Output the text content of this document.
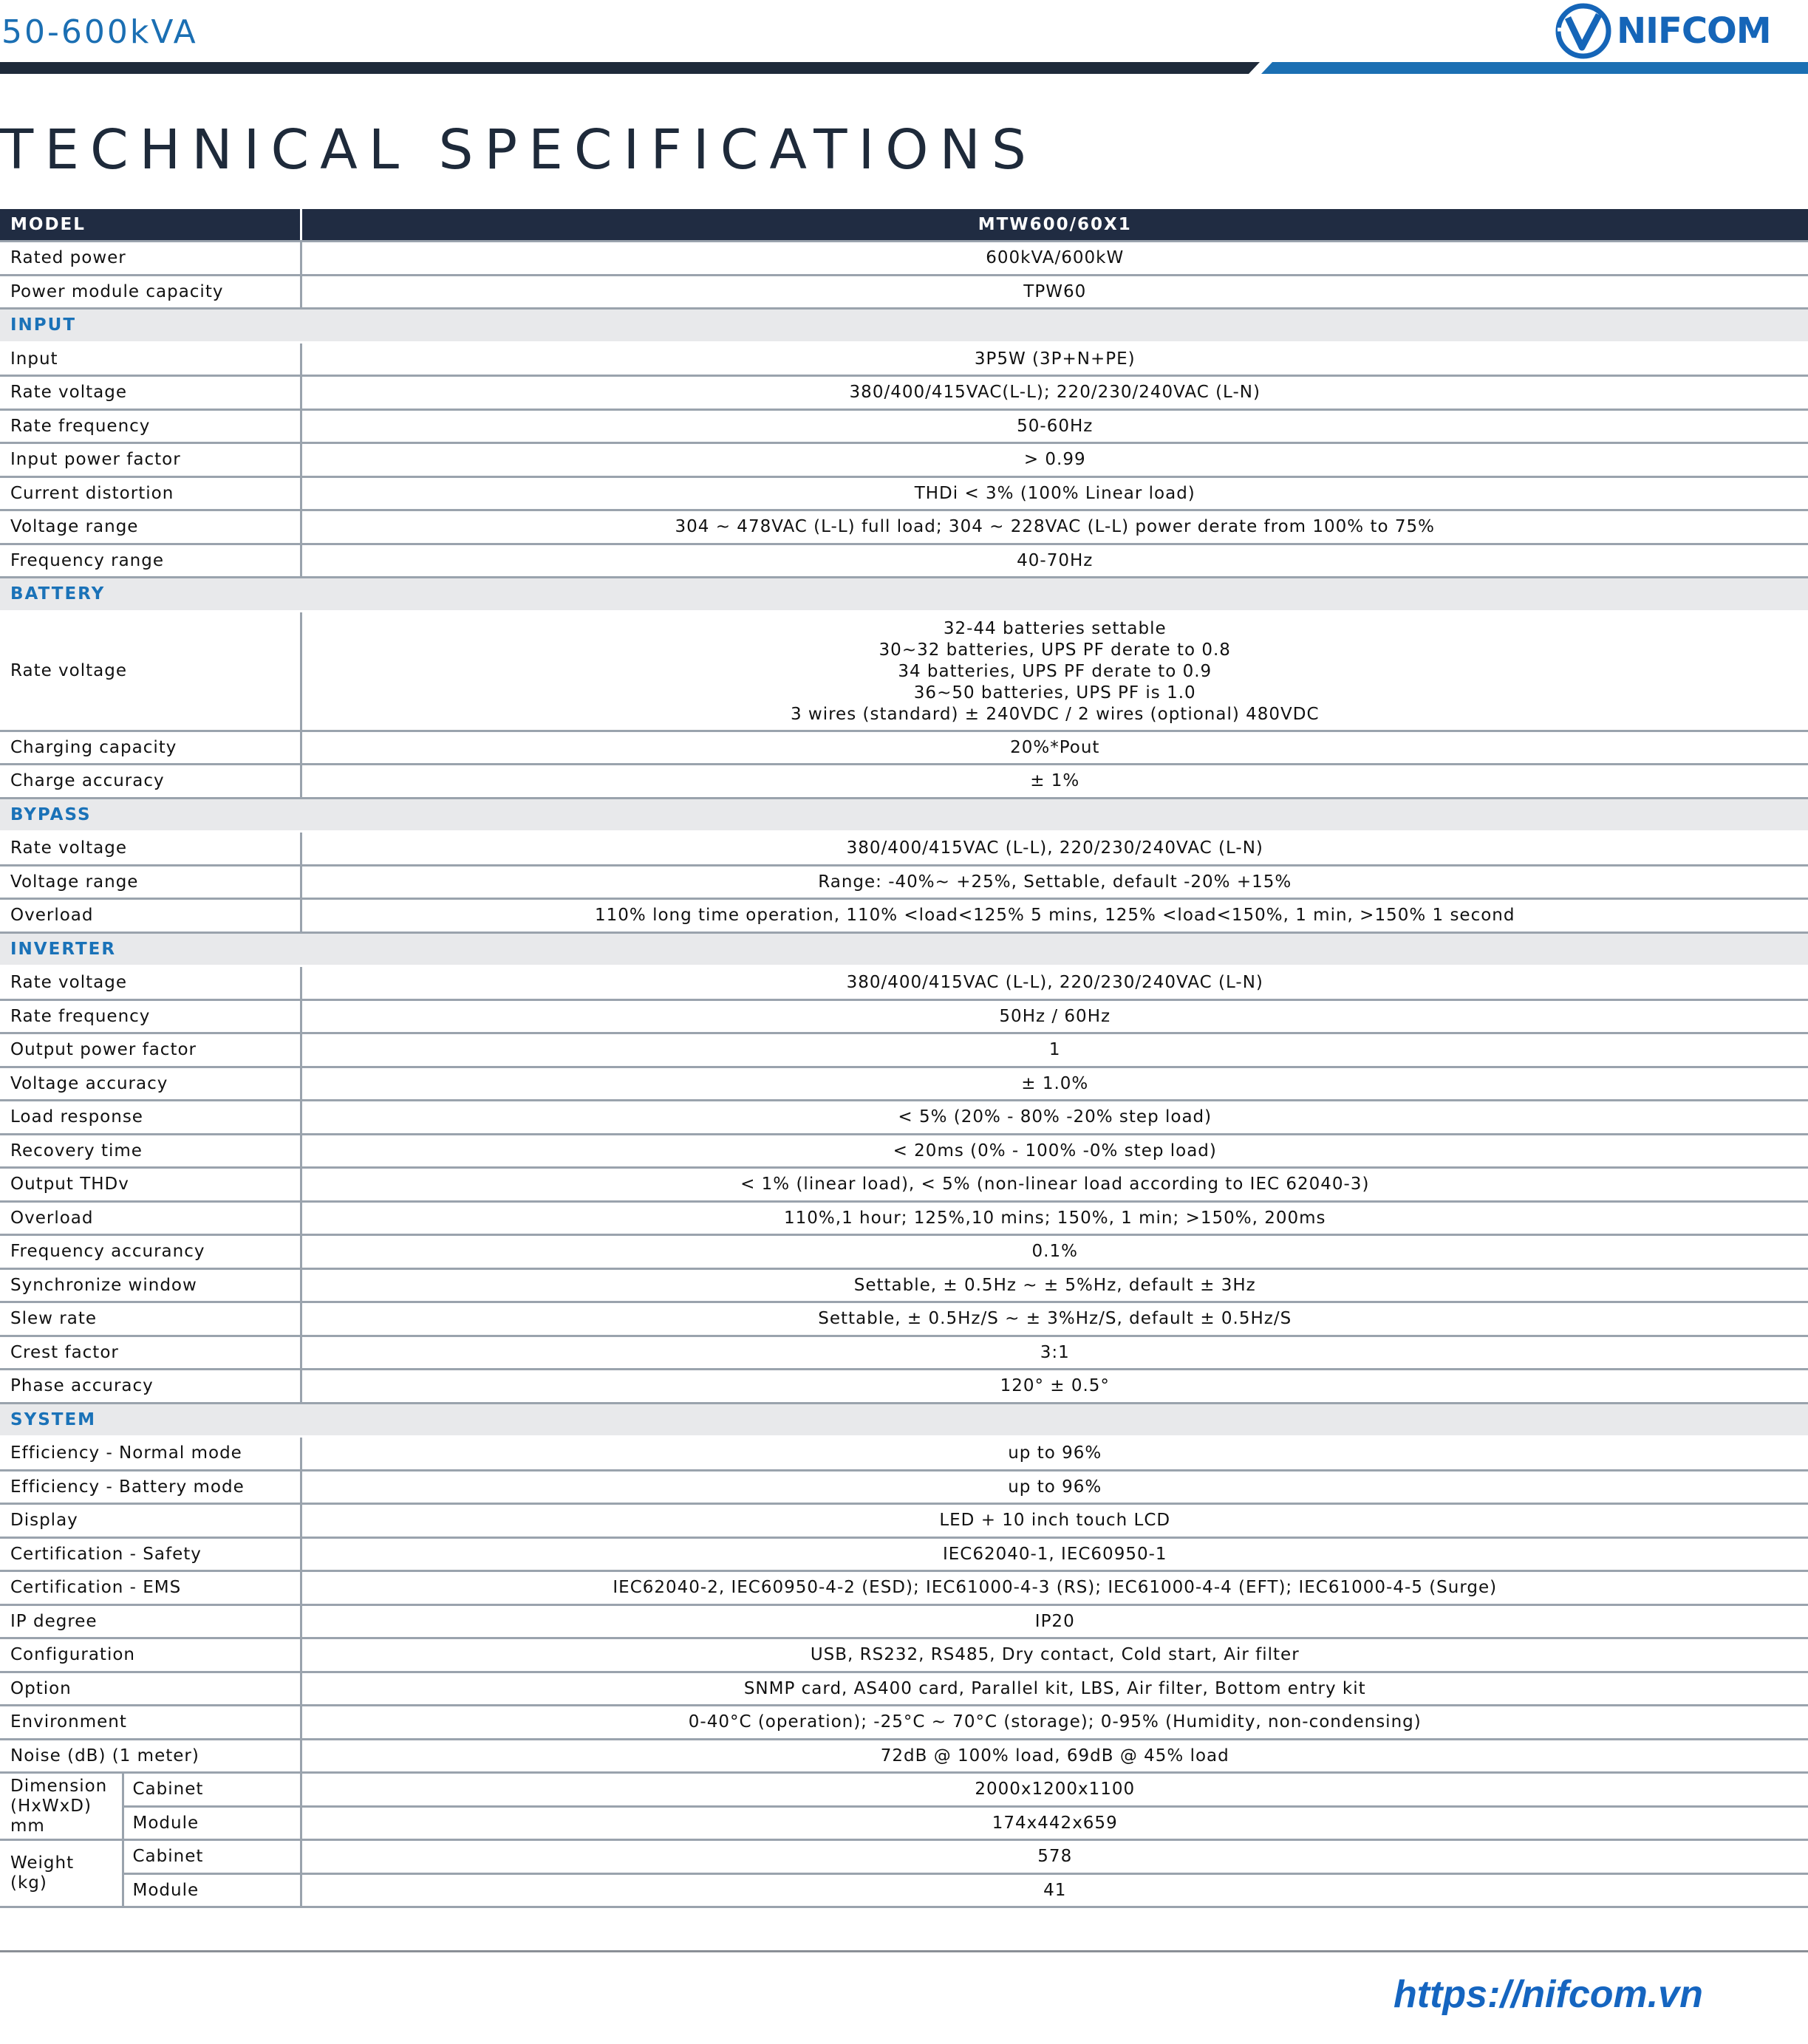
50-600kVA	NIFCOM
TECHNICAL SPECIFICATIONS
MODEL		MTW600/60X1
Rated power		600kVA/600kW
Power module capacity		TPW60
INPUT		
Input		3P5W (3P+N+PE)
Rate voltage		380/400/415VAC(L-L); 220/230/240VAC (L-N)
Rate frequency		50-60Hz
Input power factor		> 0.99
Current distortion		THDi < 3% (100% Linear load)
Voltage range		304 ~ 478VAC (L-L) full load; 304 ~ 228VAC (L-L) power derate from 100% to 75%
Frequency range		40-70Hz
BATTERY		
Rate voltage		32-44 batteries settable
30~32 batteries, UPS PF derate to 0.8
34 batteries, UPS PF derate to 0.9
36~50 batteries, UPS PF is 1.0
3 wires (standard) ± 240VDC / 2 wires (optional) 480VDC

Charging capacity		20%*Pout
Charge accuracy		± 1%
BYPASS		
Rate voltage		380/400/415VAC (L-L), 220/230/240VAC (L-N)
Voltage range		Range: -40%~ +25%, Settable, default -20% +15%
Overload		110% long time operation, 110% <load<125% 5 mins, 125% <load<150%, 1 min, >150% 1 second
INVERTER		
Rate voltage		380/400/415VAC (L-L), 220/230/240VAC (L-N)
Rate frequency		50Hz / 60Hz
Output power factor		1
Voltage accuracy		± 1.0%
Load response		< 5% (20% - 80% -20% step load)
Recovery time		< 20ms (0% - 100% -0% step load)
Output THDv		< 1% (linear load), < 5% (non-linear load according to IEC 62040-3)
Overload		110%,1 hour; 125%,10 mins; 150%, 1 min; >150%, 200ms
Frequency accurancy		0.1%
Synchronize window		Settable, ± 0.5Hz ~ ± 5%Hz, default ± 3Hz
Slew rate		Settable, ± 0.5Hz/S ~ ± 3%Hz/S, default ± 0.5Hz/S
Crest factor		3:1
Phase accuracy		120° ± 0.5°
SYSTEM		
Efficiency - Normal mode		up to 96%
Efficiency - Battery mode		up to 96%
Display		LED + 10 inch touch LCD
Certification - Safety		IEC62040-1, IEC60950-1
Certification - EMS		IEC62040-2, IEC60950-4-2 (ESD); IEC61000-4-3 (RS); IEC61000-4-4 (EFT); IEC61000-4-5 (Surge)
IP degree		IP20
Configuration		USB, RS232, RS485, Dry contact, Cold start, Air filter
Option		SNMP card, AS400 card, Parallel kit, LBS, Air filter, Bottom entry kit
Environment		0-40°C (operation); -25°C ~ 70°C (storage); 0-95% (Humidity, non-condensing)
Noise (dB) (1 meter)		72dB @ 100% load, 69dB @ 45% load

Dimension
(HxWxD)
mm	Cabinet	2000x1200x1100
	Module	174x442x659

Weight
(kg)	Cabinet	578
	Module	41
https://nifcom.vn
